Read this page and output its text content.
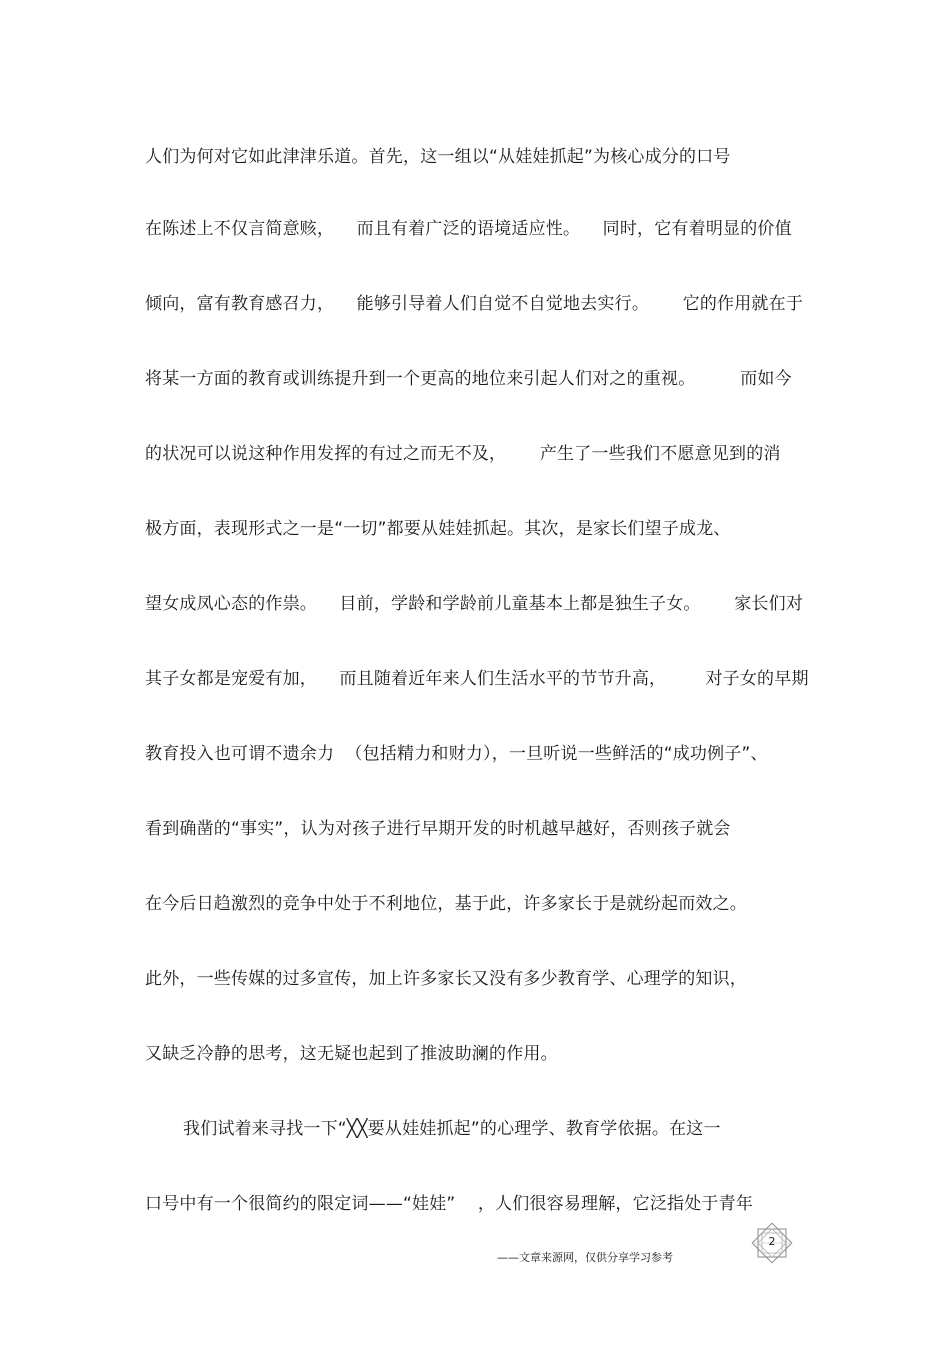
人们为何对它如此津津乐道。首先，这一组以“从娃娃抓起”为核心成分的口号
在陈述上不仅言简意赅，    而且有着广泛的语境适应性。    同时，它有着明显的价值
倾向，富有教育感召力，    能够引导着人们自觉不自觉地去实行。      它的作用就在于
将某一方面的教育或训练提升到一个更高的地位来引起人们对之的重视。        而如今
的状况可以说这种作用发挥的有过之而无不及，      产生了一些我们不愿意见到的消
极方面，表现形式之一是“一切”都要从娃娃抓起。其次，是家长们望子成龙、
望女成凤心态的作祟。    目前，学龄和学龄前儿童基本上都是独生子女。      家长们对
其子女都是宠爱有加，    而且随着近年来人们生活水平的节节升高，       对子女的早期
教育投入也可谓不遗余力  （包括精力和财力），一旦听说一些鲜活的“成功例子”、
看到确凿的“事实”，认为对孩子进行早期开发的时机越早越好，否则孩子就会
在今后日趋激烈的竞争中处于不利地位，基于此，许多家长于是就纷起而效之。
此外，一些传媒的过多宣传，加上许多家长又没有多少教育学、心理学的知识，
又缺乏冷静的思考，这无疑也起到了推波助澜的作用。
我们试着来寻找一下“╳╳要从娃娃抓起”的心理学、教育学依据。在这一
口号中有一个很简约的限定词——“娃娃”    ，人们很容易理解，它泛指处于青年
——文章来源网，仅供分享学习参考
2
